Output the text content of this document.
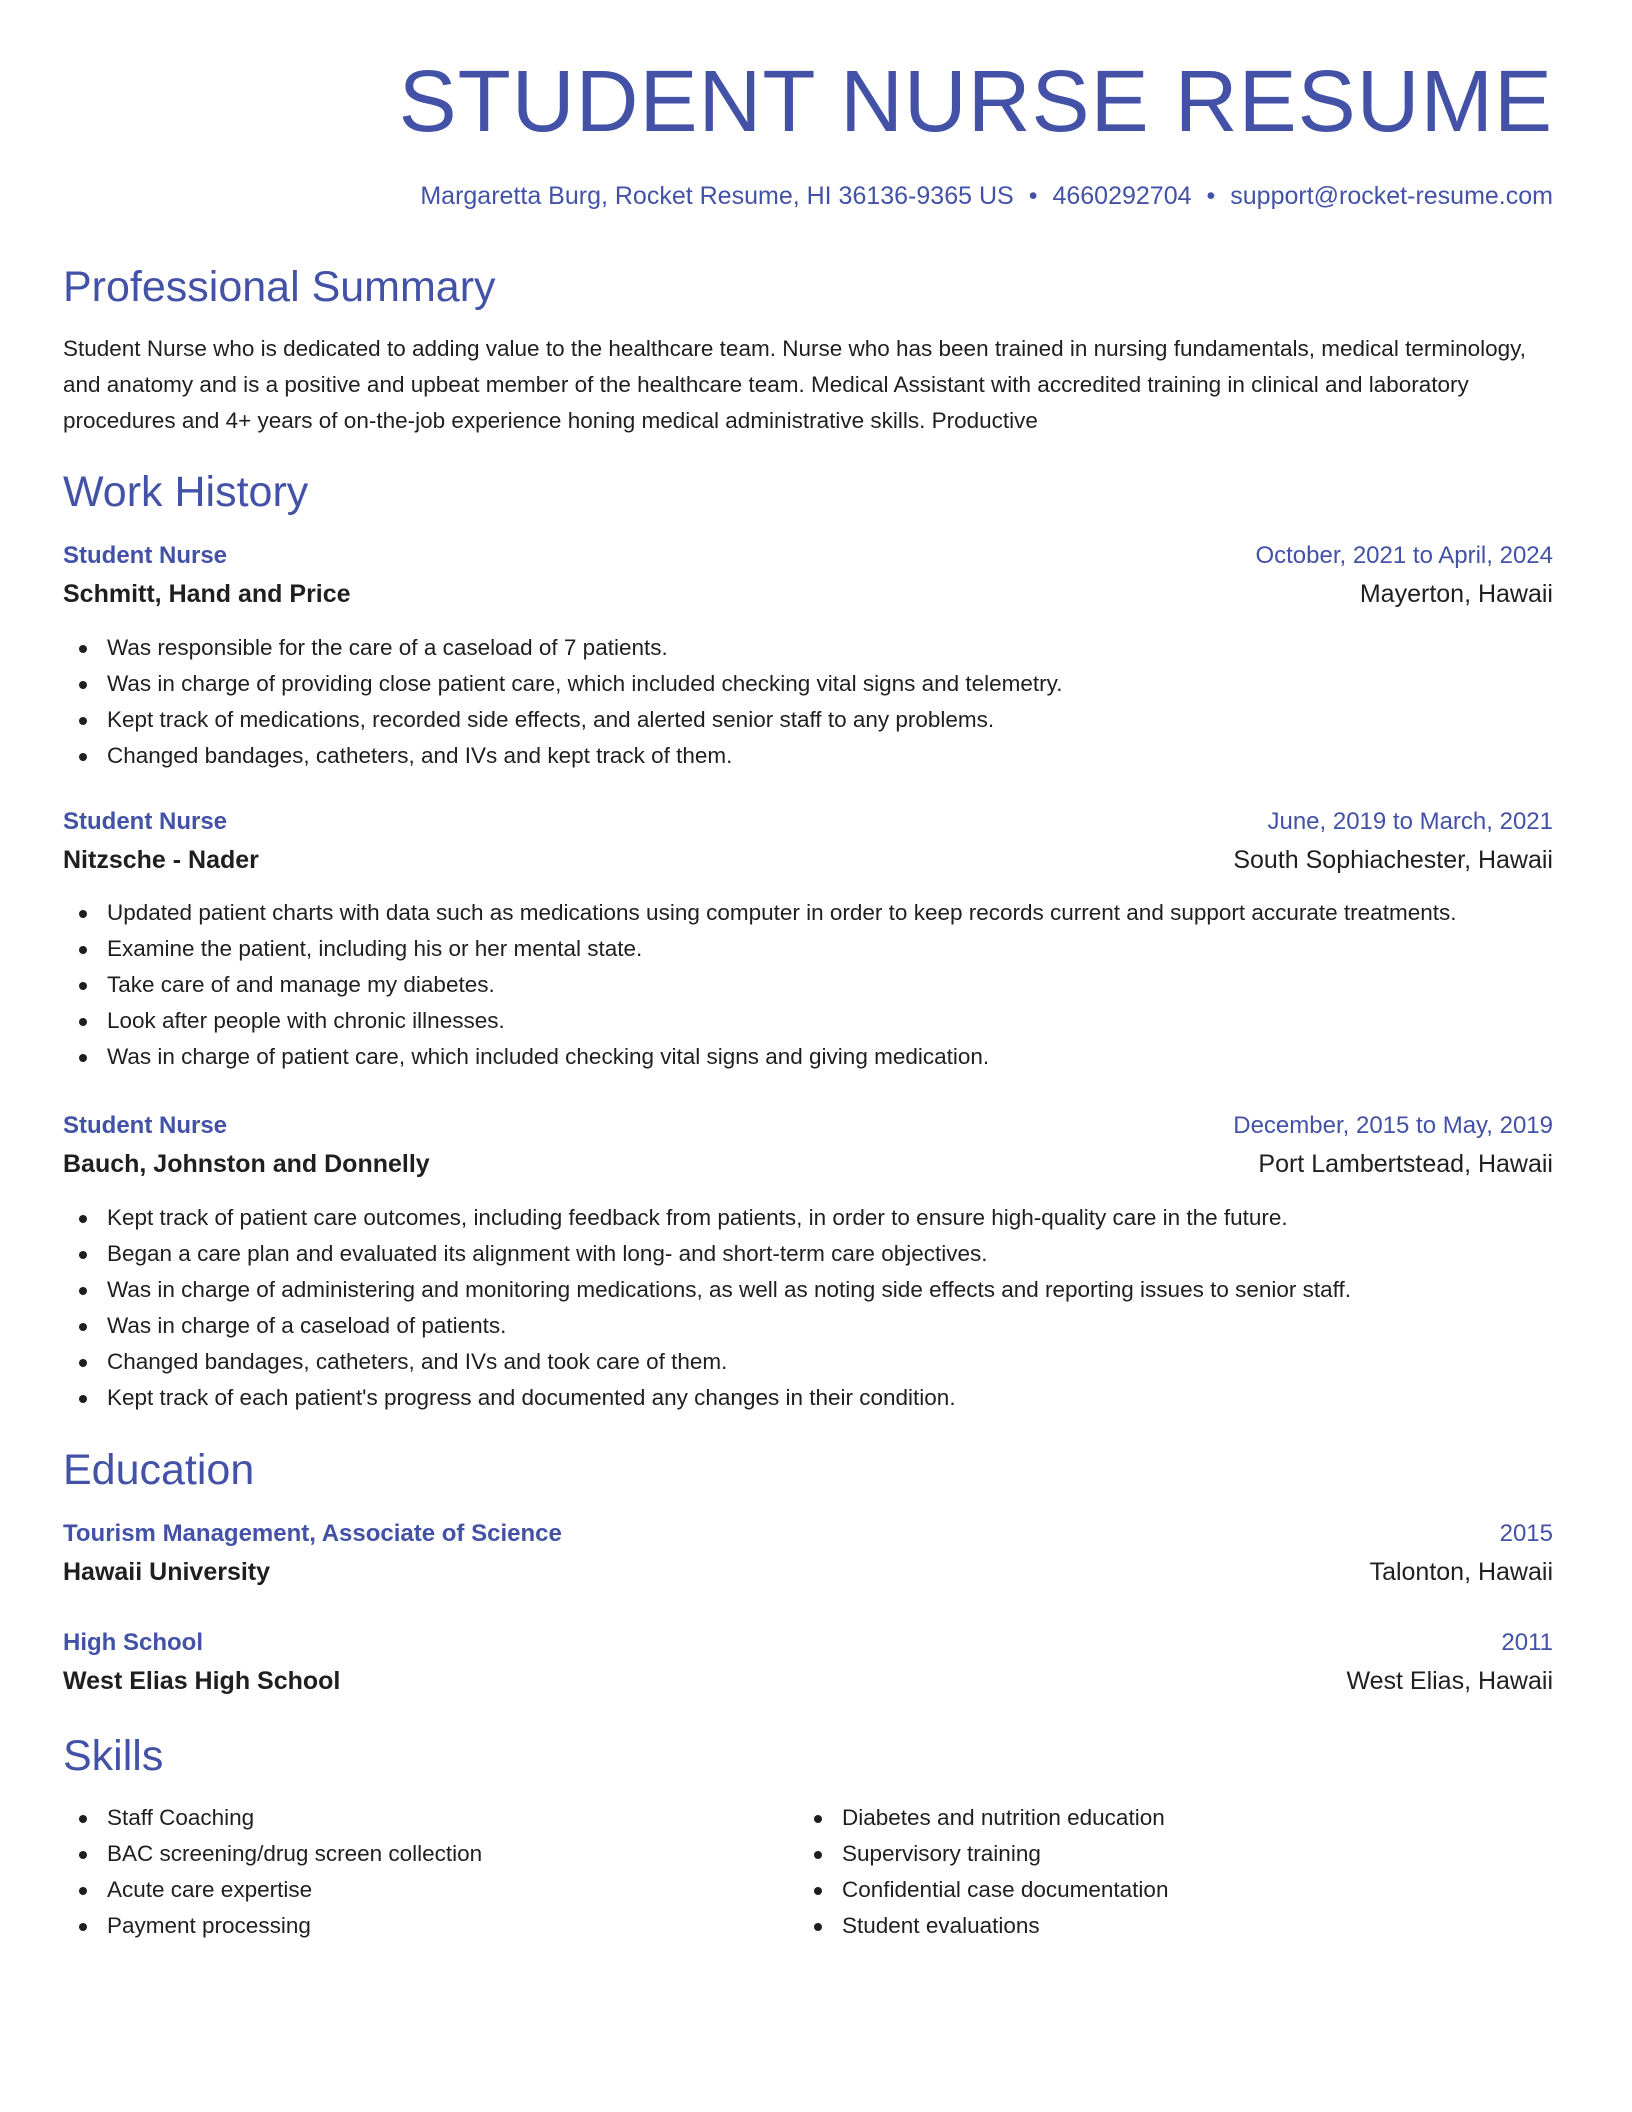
STUDENT NURSE RESUME
Margaretta Burg, Rocket Resume, HI 36136-9365 US • 4660292704 • support@rocket-resume.com
Professional Summary
Student Nurse who is dedicated to adding value to the healthcare team. Nurse who has been trained in nursing fundamentals, medical terminology, and anatomy and is a positive and upbeat member of the healthcare team. Medical Assistant with accredited training in clinical and laboratory procedures and 4+ years of on-the-job experience honing medical administrative skills. Productive
Work History
Student Nurse	October, 2021 to April, 2024
Schmitt, Hand and Price	Mayerton, Hawaii
Was responsible for the care of a caseload of 7 patients.
Was in charge of providing close patient care, which included checking vital signs and telemetry.
Kept track of medications, recorded side effects, and alerted senior staff to any problems.
Changed bandages, catheters, and IVs and kept track of them.
Student Nurse	June, 2019 to March, 2021
Nitzsche - Nader	South Sophiachester, Hawaii
Updated patient charts with data such as medications using computer in order to keep records current and support accurate treatments.
Examine the patient, including his or her mental state.
Take care of and manage my diabetes.
Look after people with chronic illnesses.
Was in charge of patient care, which included checking vital signs and giving medication.
Student Nurse	December, 2015 to May, 2019
Bauch, Johnston and Donnelly	Port Lambertstead, Hawaii
Kept track of patient care outcomes, including feedback from patients, in order to ensure high-quality care in the future.
Began a care plan and evaluated its alignment with long- and short-term care objectives.
Was in charge of administering and monitoring medications, as well as noting side effects and reporting issues to senior staff.
Was in charge of a caseload of patients.
Changed bandages, catheters, and IVs and took care of them.
Kept track of each patient's progress and documented any changes in their condition.
Education
Tourism Management, Associate of Science	2015
Hawaii University	Talonton, Hawaii
High School	2011
West Elias High School	West Elias, Hawaii
Skills
Staff Coaching
BAC screening/drug screen collection
Acute care expertise
Payment processing
Diabetes and nutrition education
Supervisory training
Confidential case documentation
Student evaluations
